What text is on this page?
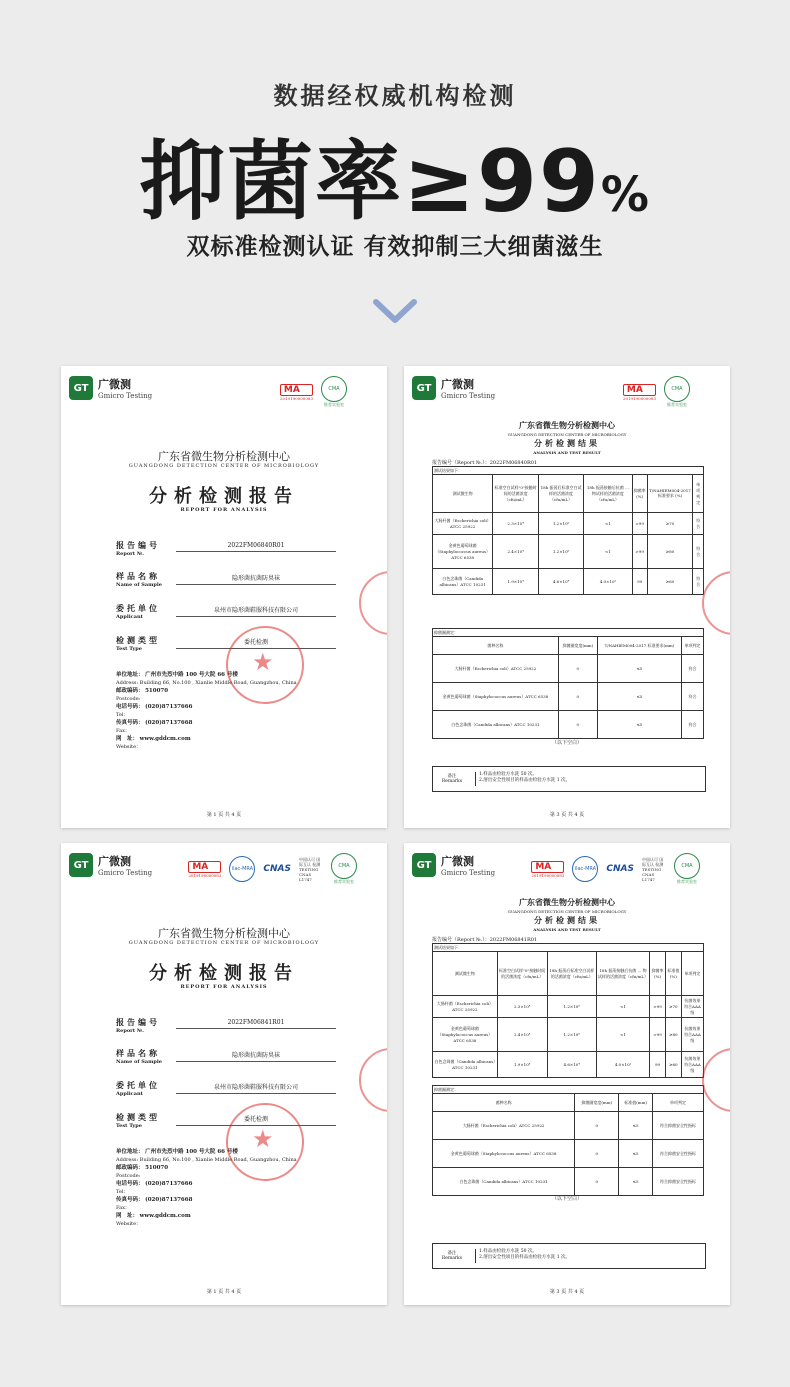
数据经权威机构检测
抑菌率≥99%
双标准检测认证 有效抑制三大细菌滋生
GT 广微测
Gmicro Testing
MA
2019190000083
CMA
推荐实验室
广东省微生物分析检测中心
GUANGDONG DETECTION CENTER OF MICROBIOLOGY
分析检测报告
REPORT FOR ANALYSIS
报告编号
Report №.
2022FM06840R01
样品名称
Name of Sample
隐形菌抗菌防臭袜
委托单位
Applicant
泉州市隐形菌鞋服科技有限公司
检测类型
Test Type
委托检测
单位地址： 广州市先烈中路 100 号大院 66 号楼
Address: Building 66, No.100 , Xianlie Middle Road, Guangzhou, China
邮政编码： 510070
Postcode:
电话号码： (020)87137666
Tel：
传真号码： (020)87137668
Fax：
网　址： www.gddcm.com
Website：
★
第 1 页 共 4 页
GT 广微测
Gmicro Testing
MA
2019190000083
CMA
推荐实验室
广东省微生物分析检测中心
GUANGDONG DETECTION CENTER OF MICROBIOLOGY
分析检测结果
ANALYSIS AND TEST RESULT
报告编号（Report №.）：2022FM06840R01
测试结果如下：						
测试微生物	标准空白试样"0"接触时间的活菌浓度（cfu/mL）	18h 振荡后标准空白试样的活菌浓度（cfu/mL）	18h 振荡接触后抗菌 ... 物试样的活菌浓度（cfu/mL）	抑菌率 (%)	T/NAHIEM004-2017 标准要求 (%)	单项判定
大肠杆菌（Escherichia coli）ATCC 25922	2.3×10⁴	1.2×10⁶	<1	>99	≥70	符合
金黄色葡萄球菌（Staphylococcus aureus）ATCC 6538	2.4×10⁴	1.2×10⁶	<1	>99	≥80	符合
白色念珠菌（Candida albicans）ATCC 10231	1.9×10⁴	4.6×10⁴	4.0×10²	99	≥60	符合
抑菌圈测定：			
菌种名称	抑菌圈宽度(mm)	T/NAHIEM004-2017 标准要求(mm)	单项判定
大肠杆菌（Escherichia coli）ATCC 25922	0	≤5	符合
金黄色葡萄球菌（Staphylococcus aureus）ATCC 6538	0	≤5	符合
白色念珠菌（Candida albicans）ATCC 10231	0	≤5	符合
（以下空白）
备注
Remarks
1.样品由检验方水洗 50 次。
2.溶出安全性项目的样品由检验方水洗 1 次。
第 3 页 共 4 页
GT 广微测
Gmicro Testing
MA
2019190000083
ilac-MRA CNAS
中国认可 国际互认 检测 TESTING CNAS L1747
CMA
推荐实验室
广东省微生物分析检测中心
GUANGDONG DETECTION CENTER OF MICROBIOLOGY
分析检测报告
REPORT FOR ANALYSIS
报告编号
Report №.
2022FM06841R01
样品名称
Name of Sample
隐形菌抗菌防臭袜
委托单位
Applicant
泉州市隐形菌鞋服科技有限公司
检测类型
Test Type
委托检测
单位地址： 广州市先烈中路 100 号大院 66 号楼
Address: Building 66, No.100 , Xianlie Middle Road, Guangzhou, China
邮政编码： 510070
Postcode:
电话号码： (020)87137666
Tel：
传真号码： (020)87137668
Fax：
网　址： www.gddcm.com
Website：
★
第 1 页 共 4 页
GT 广微测
Gmicro Testing
MA
2019190000083
ilac-MRA CNAS
中国认可 国际互认 检测 TESTING CNAS L1747
CMA
推荐实验室
广东省微生物分析检测中心
GUANGDONG DETECTION CENTER OF MICROBIOLOGY
分析检测结果
ANALYSIS AND TEST RESULT
报告编号（Report №.）：2022FM06841R01
测试结果如下：						
测试微生物	标准空白试样"0"接触时间的活菌浓度（cfu/mL）	18h 振荡后标准空白试样的活菌浓度（cfu/mL）	18h 振荡接触后抗菌 ... 物试样的活菌浓度（cfu/mL）	抑菌率 (%)	标准值 (%)	单项判定
大肠杆菌（Escherichia coli）ATCC 25922	2.3×10⁴	1.2×10⁶	<1	>99	≥70	抗菌效果符合AAA级
金黄色葡萄球菌（Staphylococcus aureus）ATCC 6538	2.4×10⁴	1.2×10⁶	<1	>99	≥80	抗菌效果符合AAA级
白色念珠菌（Candida albicans）ATCC 10231	1.9×10⁴	4.6×10⁴	4.0×10²	99	≥60	抗菌效果符合AAA级
抑菌圈测定：			
菌种名称	抑菌圈宽度(mm)	标准值(mm)	单项判定
大肠杆菌（Escherichia coli）ATCC 25922	0	≤5	符合抑菌安全性指标
金黄色葡萄球菌（Staphylococcus aureus）ATCC 6538	0	≤5	符合抑菌安全性指标
白色念珠菌（Candida albicans）ATCC 10231	0	≤5	符合抑菌安全性指标
（以下空白）
备注
Remarks
1.样品由检验方水洗 50 次。
2.溶出安全性项目的样品由检验方水洗 1 次。
第 3 页 共 4 页
